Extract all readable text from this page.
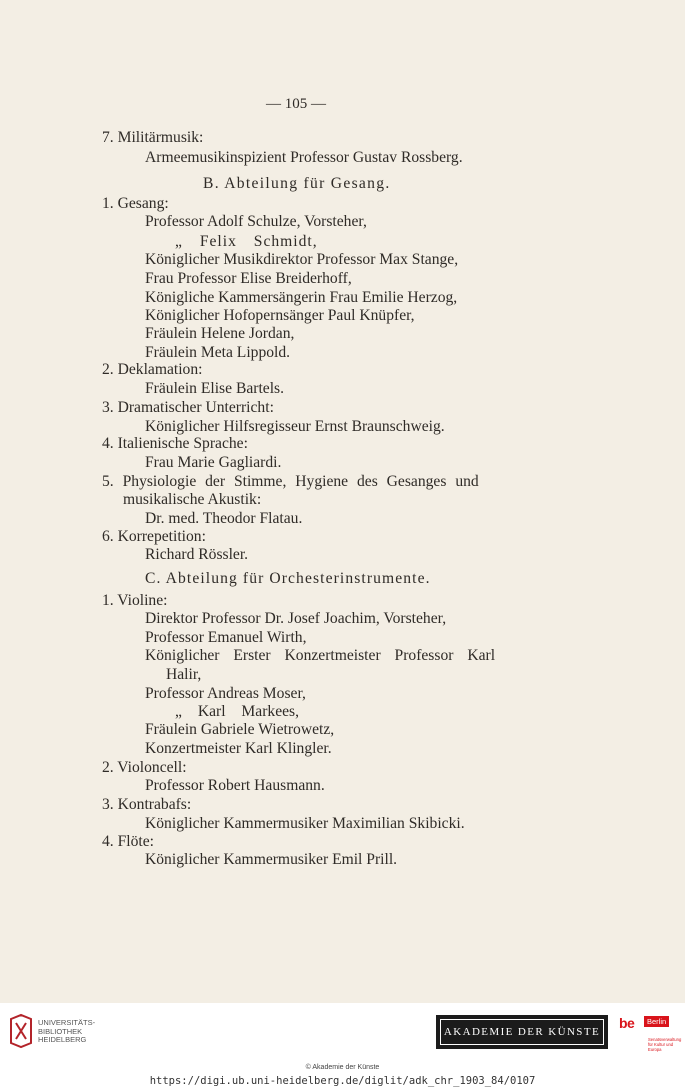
— 105 —
7. Militärmusik:
Armeemusikinspizient Professor Gustav Rossberg.
B. Abteilung für Gesang.
1. Gesang:
Professor Adolf Schulze, Vorsteher,
„ Felix Schmidt,
Königlicher Musikdirektor Professor Max Stange,
Frau Professor Elise Breiderhoff,
Königliche Kammersängerin Frau Emilie Herzog,
Königlicher Hofopernsänger Paul Knüpfer,
Fräulein Helene Jordan,
Fräulein Meta Lippold.
2. Deklamation:
Fräulein Elise Bartels.
3. Dramatischer Unterricht:
Königlicher Hilfsregisseur Ernst Braunschweig.
4. Italienische Sprache:
Frau Marie Gagliardi.
5. Physiologie der Stimme, Hygiene des Gesanges und
musikalische Akustik:
Dr. med. Theodor Flatau.
6. Korrepetition:
Richard Rössler.
C. Abteilung für Orchesterinstrumente.
1. Violine:
Direktor Professor Dr. Josef Joachim, Vorsteher,
Professor Emanuel Wirth,
Königlicher Erster Konzertmeister Professor Karl
Halir,
Professor Andreas Moser,
„ Karl Markees,
Fräulein Gabriele Wietrowetz,
Konzertmeister Karl Klingler.
2. Violoncell:
Professor Robert Hausmann.
3. Kontrabafs:
Königlicher Kammermusiker Maximilian Skibicki.
4. Flöte:
Königlicher Kammermusiker Emil Prill.
UNIVERSITÄTS-
BIBLIOTHEK
HEIDELBERG
AKADEMIE DER KÜNSTE
be	Berlin
Senatsverwaltung
für Kultur und Europa
© Akademie der Künste
https://digi.ub.uni-heidelberg.de/diglit/adk_chr_1903_84/0107
